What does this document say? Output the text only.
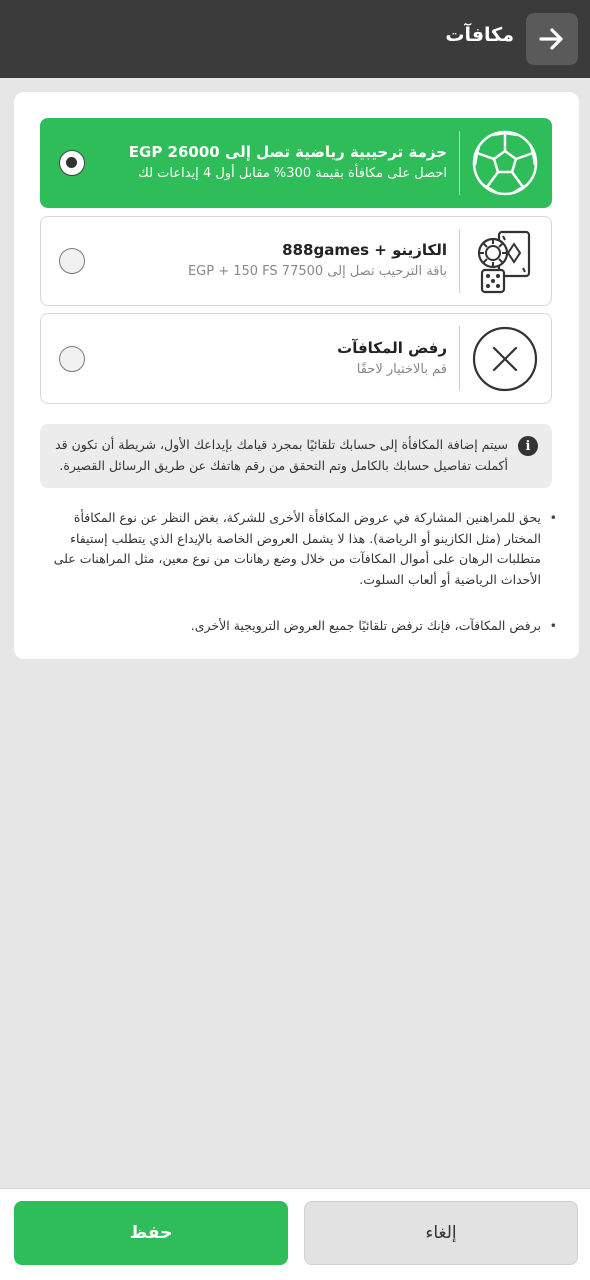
مكافآت
حزمة ترحيبية رياضية تصل إلى EGP 26000
احصل على مكافأة بقيمة 300% مقابل أول 4 إيداعات لك
الكازينو + 888games
باقة الترحيب تصل إلى EGP + 150 FS 77500
رفض المكافآت
قم بالاختيار لاحقًا
i
سيتم إضافة المكافأة إلى حسابك تلقائيًا بمجرد قيامك بإيداعك الأول، شريطة أن تكون قد أكملت تفاصيل حسابك بالكامل وتم التحقق من رقم هاتفك عن طريق الرسائل القصيرة.
• يحق للمراهنين المشاركة في عروض المكافأة الأخرى للشركة، بغض النظر عن نوع المكافأة المختار (مثل الكازينو أو الرياضة). هذا لا يشمل العروض الخاصة بالإيداع الذي يتطلب إستيفاء متطلبات الرهان على أموال المكافآت من خلال وضع رهانات من نوع معين، مثل المراهنات على الأحداث الرياضية أو ألعاب السلوت.
• برفض المكافآت، فإنك ترفض تلقائيًا جميع العروض الترويجية الأخرى.
حفظ	إلغاء
